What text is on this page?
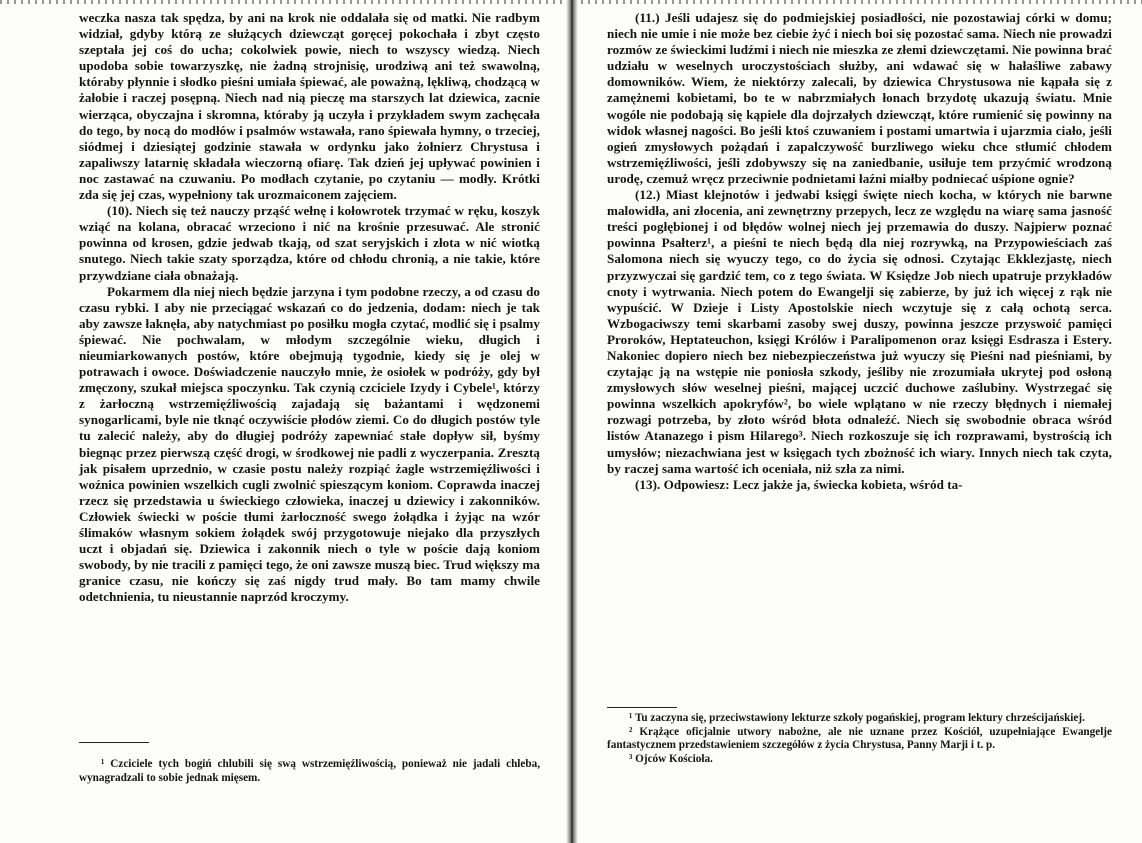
weczka nasza tak spędza, by ani na krok nie oddalała się od matki. Nie radbym widział, gdyby którą ze służących dziewcząt goręcej pokochała i zbyt często szeptała jej coś do ucha; cokolwiek powie, niech to wszyscy wiedzą. Niech upodoba sobie towarzyszkę, nie żadną strojnisię, urodziwą ani też swawolną, któraby płynnie i słodko pieśni umiała śpiewać, ale poważną, lękliwą, chodzącą w żałobie i raczej posępną. Niech nad nią pieczę ma starszych lat dziewica, zacnie wierząca, obyczajna i skromna, któraby ją uczyła i przykładem swym zachęcała do tego, by nocą do modłów i psalmów wstawała, rano śpiewała hymny, o trzeciej, siódmej i dziesiątej godzinie stawała w ordynku jako żołnierz Chrystusa i zapaliwszy latarnię składała wieczorną ofiarę. Tak dzień jej upływać powinien i noc zastawać na czuwaniu. Po modłach czytanie, po czytaniu — modły. Krótki zda się jej czas, wypełniony tak urozmaiconem zajęciem.

(10). Niech się też nauczy prząść wełnę i kołowrotek trzymać w ręku, koszyk wziąć na kolana, obracać wrzeciono i nić na krośnie przesuwać. Ale stronić powinna od krosen, gdzie jedwab tkają, od szat seryjskich i złota w nić wiotką snutego. Niech takie szaty sporządza, które od chłodu chronią, a nie takie, które przywdziane ciała obnażają.

Pokarmem dla niej niech będzie jarzyna i tym podobne rzeczy, a od czasu do czasu rybki. I aby nie przeciągać wskazań co do jedzenia, dodam: niech je tak aby zawsze łaknęła, aby natychmiast po posiłku mogła czytać, modlić się i psalmy śpiewać. Nie pochwalam, w młodym szczególnie wieku, długich i nieumiarkowanych postów, które obejmują tygodnie, kiedy się je olej w potrawach i owoce. Doświadczenie nauczyło mnie, że osiołek w podróży, gdy był zmęczony, szukał miejsca spoczynku. Tak czynią czciciele Izydy i Cybele¹, którzy z żarłoczną wstrzemięźliwością zajadają się bażantami i wędzonemi synogarlicami, byle nie tknąć oczywiście płodów ziemi. Co do długich postów tyle tu zalecić należy, aby do długiej podróży zapewniać stałe dopływ sił, byśmy biegnąc przez pierwszą część drogi, w środkowej nie padli z wyczerpania. Zresztą jak pisałem uprzednio, w czasie postu należy rozpiąć żagle wstrzemięźliwości i woźnica powinien wszelkich cugli zwolnić spieszącym koniom. Coprawda inaczej rzecz się przedstawia u świeckiego człowieka, inaczej u dziewicy i zakonników. Człowiek świecki w poście tłumi żarłoczność swego żołądka i żyjąc na wzór ślimaków własnym sokiem żołądek swój przygotowuje niejako dla przyszłych uczt i objadań się. Dziewica i zakonnik niech o tyle w poście dają koniom swobody, by nie tracili z pamięci tego, że oni zawsze muszą biec. Trud większy ma granice czasu, nie kończy się zaś nigdy trud mały. Bo tam mamy chwile odetchnienia, tu nieustannie naprzód kroczymy.

¹ Czciciele tych bogiń chlubili się swą wstrzemięźliwością, ponieważ nie jadali chleba, wynagradzali to sobie jednak mięsem.

(11.) Jeśli udajesz się do podmiejskiej posiadłości, nie pozostawiaj córki w domu; niech nie umie i nie może bez ciebie żyć i niech boi się pozostać sama. Niech nie prowadzi rozmów ze świeckimi ludźmi i niech nie mieszka ze złemi dziewczętami. Nie powinna brać udziału w weselnych uroczystościach służby, ani wdawać się w hałaśliwe zabawy domowników. Wiem, że niektórzy zalecali, by dziewica Chrystusowa nie kąpała się z zamężnemi kobietami, bo te w nabrzmiałych łonach brzydotę ukazują światu. Mnie wogóle nie podobają się kąpiele dla dojrzałych dziewcząt, które rumienić się powinny na widok własnej nagości. Bo jeśli ktoś czuwaniem i postami umartwia i ujarzmia ciało, jeśli ogień zmysłowych pożądań i zapalczywość burzliwego wieku chce stłumić chłodem wstrzemięźliwości, jeśli zdobywszy się na zaniedbanie, usiłuje tem przyćmić wrodzoną urodę, czemuż wręcz przeciwnie podnietami łaźni miałby podniecać uśpione ognie?

(12.) Miast klejnotów i jedwabi księgi święte niech kocha, w których nie barwne malowidła, ani złocenia, ani zewnętrzny przepych, lecz ze względu na wiarę sama jasność treści pogłębionej i od błędów wolnej niech jej przemawia do duszy. Najpierw poznać powinna Psałterz¹, a pieśni te niech będą dla niej rozrywką, na Przypowieściach zaś Salomona niech się wyuczy tego, co do życia się odnosi. Czytając Ekklezjastę, niech przyzwyczai się gardzić tem, co z tego świata. W Księdze Job niech upatruje przykładów cnoty i wytrwania. Niech potem do Ewangelji się zabierze, by już ich więcej z rąk nie wypuścić. W Dzieje i Listy Apostolskie niech wczytuje się z całą ochotą serca. Wzbogaciwszy temi skarbami zasoby swej duszy, powinna jeszcze przyswoić pamięci Proroków, Heptateuchon, księgi Królów i Paralipomenon oraz księgi Esdrasza i Estery. Nakoniec dopiero niech bez niebezpieczeństwa już wyuczy się Pieśni nad pieśniami, by czytając ją na wstępie nie poniosła szkody, jeśliby nie zrozumiała ukrytej pod osłoną zmysłowych słów weselnej pieśni, mającej uczcić duchowe zaślubiny. Wystrzegać się powinna wszelkich apokryfów², bo wiele wplątano w nie rzeczy błędnych i niemałej rozwagi potrzeba, by złoto wśród błota odnaleźć. Niech się swobodnie obraca wśród listów Atanazego i pism Hilarego³. Niech rozkoszuje się ich rozprawami, bystrością ich umysłów; niezachwiana jest w księgach tych zbożność ich wiary. Innych niech tak czyta, by raczej sama wartość ich oceniała, niż szła za nimi.

(13). Odpowiesz: Lecz jakże ja, świecka kobieta, wśród ta-

¹ Tu zaczyna się, przeciwstawiony lekturze szkoły pogańskiej, program lektury chrześcijańskiej.

² Krążące oficjalnie utwory nabożne, ale nie uznane przez Kościół, uzupełniające Ewangelje fantastycznem przedstawieniem szczegółów z życia Chrystusa, Panny Marji i t. p.

³ Ojców Kościoła.
